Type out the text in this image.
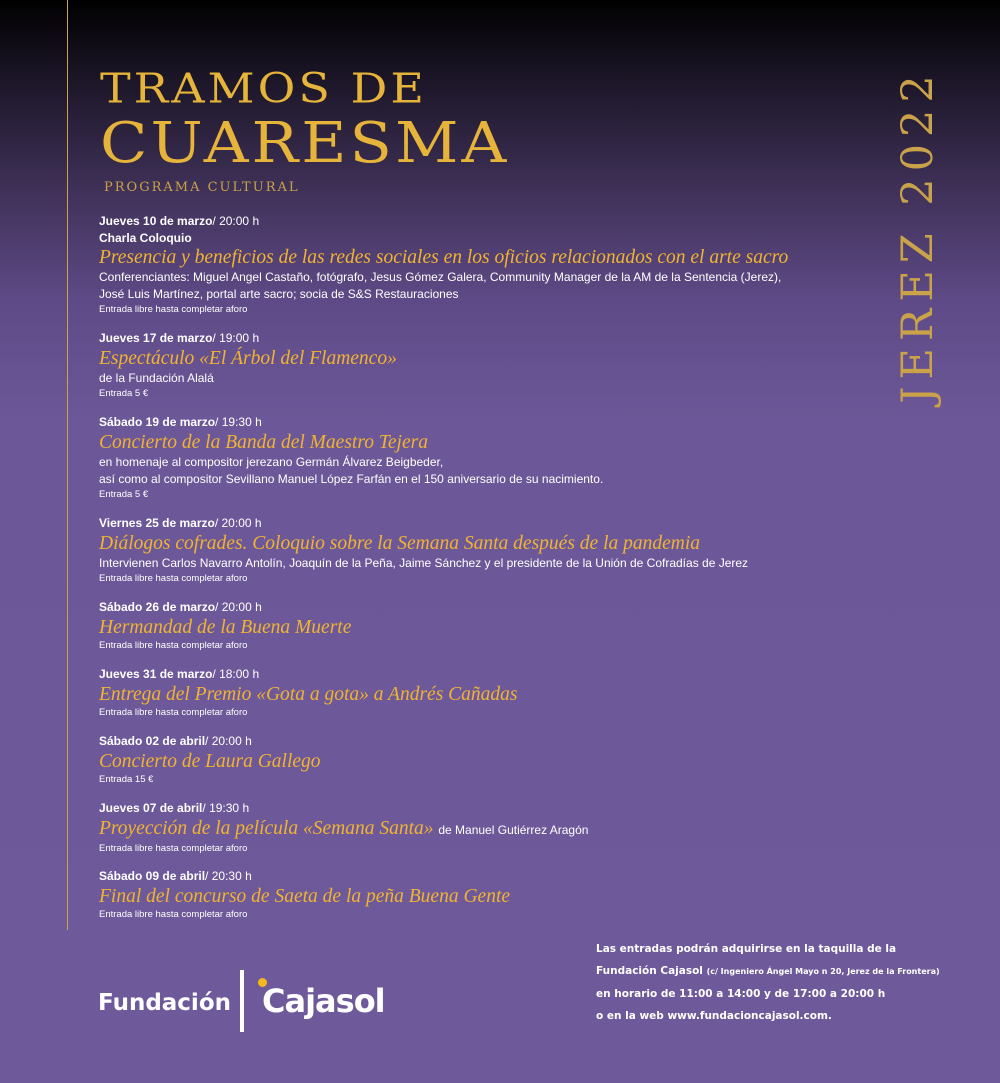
TRAMOS DE
CUARESMA
PROGRAMA CULTURAL	JEREZ 2022
Jueves 10 de marzo/ 20:00 h
Charla Coloquio
Presencia y beneficios de las redes sociales en los oficios relacionados con el arte sacro
Conferenciantes: Miguel Angel Castaño, fotógrafo, Jesus Gómez Galera, Community Manager de la AM de la Sentencia (Jerez),
José Luis Martínez, portal arte sacro; socia de S&S Restauraciones
Entrada libre hasta completar aforo
Jueves 17 de marzo/ 19:00 h
Espectáculo «El Árbol del Flamenco»
de la Fundación Alalá
Entrada 5 €
Sábado 19 de marzo/ 19:30 h
Concierto de la Banda del Maestro Tejera
en homenaje al compositor jerezano Germán Álvarez Beigbeder,
así como al compositor Sevillano Manuel López Farfán en el 150 aniversario de su nacimiento.
Entrada 5 €
Viernes 25 de marzo/ 20:00 h
Diálogos cofrades. Coloquio sobre la Semana Santa después de la pandemia
Intervienen Carlos Navarro Antolín, Joaquín de la Peña, Jaime Sánchez y el presidente de la Unión de Cofradías de Jerez
Entrada libre hasta completar aforo
Sábado 26 de marzo/ 20:00 h
Hermandad de la Buena Muerte
Entrada libre hasta completar aforo
Jueves 31 de marzo/ 18:00 h
Entrega del Premio «Gota a gota» a Andrés Cañadas
Entrada libre hasta completar aforo
Sábado 02 de abril/ 20:00 h
Concierto de Laura Gallego
Entrada 15 €
Jueves 07 de abril/ 19:30 h
Proyección de la película «Semana Santa» de Manuel Gutiérrez Aragón
Entrada libre hasta completar aforo
Sábado 09 de abril/ 20:30 h
Final del concurso de Saeta de la peña Buena Gente
Entrada libre hasta completar aforo
Fundación Cajasol
Las entradas podrán adquirirse en la taquilla de la
Fundación Cajasol (c/ Ingeniero Ángel Mayo n 20, Jerez de la Frontera)
en horario de 11:00 a 14:00 y de 17:00 a 20:00 h
o en la web www.fundacioncajasol.com.
